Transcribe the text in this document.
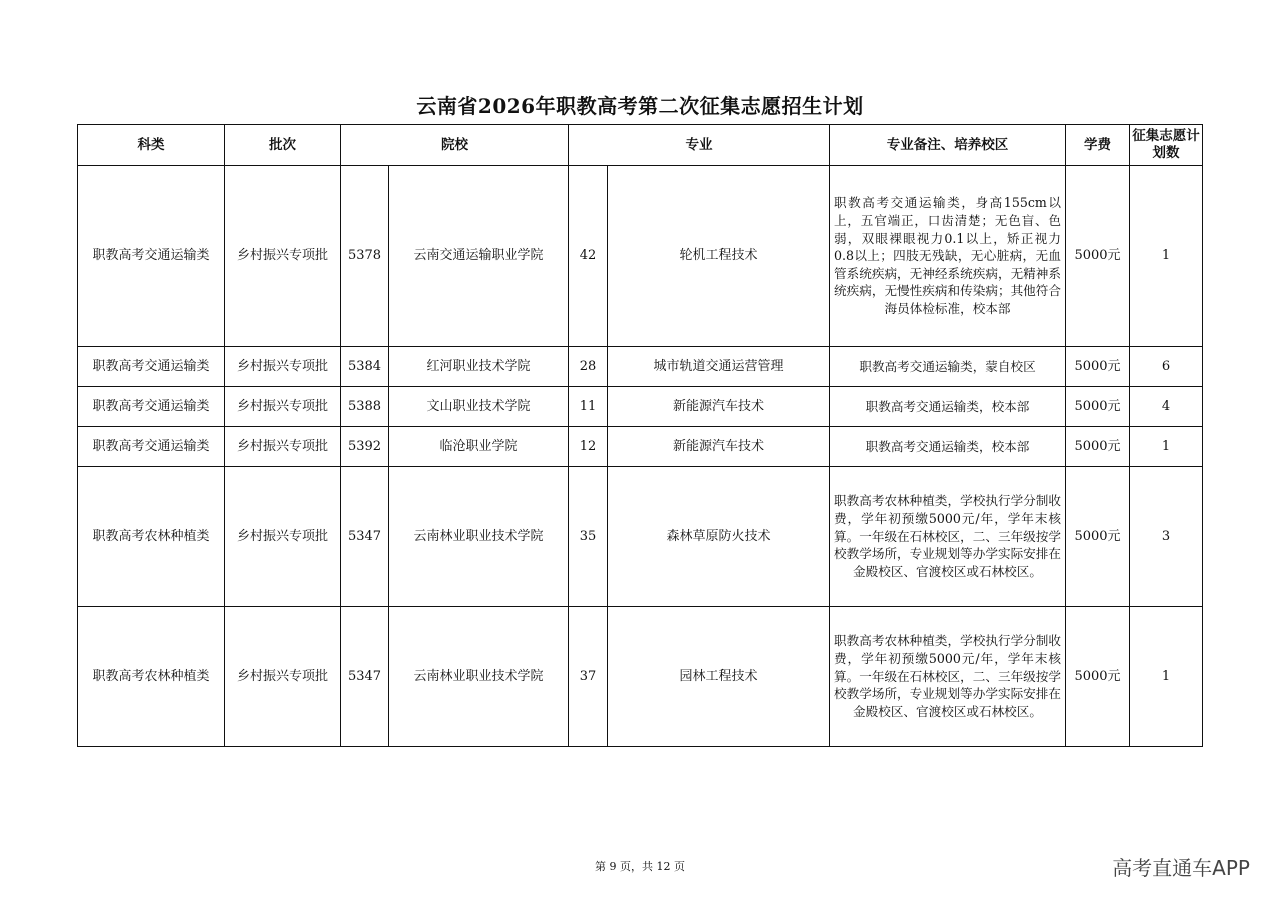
云南省2026年职教高考第二次征集志愿招生计划
科类	批次	院校		专业		专业备注、培养校区	学费	征集志愿计划数

职教高考交通运输类	乡村振兴专项批	5378	云南交通运输职业学院	42	轮机工程技术	职教高考交通运输类，身高155cm以上，五官端正，口齿清楚；无色盲、色弱，双眼裸眼视力0.1以上，矫正视力0.8以上；四肢无残缺，无心脏病，无血管系统疾病，无神经系统疾病，无精神系统疾病，无慢性疾病和传染病；其他符合海员体检标准，校本部	5000元	1
职教高考交通运输类	乡村振兴专项批	5384	红河职业技术学院	28	城市轨道交通运营管理	职教高考交通运输类，蒙自校区	5000元	6
职教高考交通运输类	乡村振兴专项批	5388	文山职业技术学院	11	新能源汽车技术	职教高考交通运输类，校本部	5000元	4
职教高考交通运输类	乡村振兴专项批	5392	临沧职业学院	12	新能源汽车技术	职教高考交通运输类，校本部	5000元	1
职教高考农林种植类	乡村振兴专项批	5347	云南林业职业技术学院	35	森林草原防火技术	职教高考农林种植类，学校执行学分制收费，学年初预缴5000元/年，学年末核算。一年级在石林校区，二、三年级按学校教学场所，专业规划等办学实际安排在金殿校区、官渡校区或石林校区。	5000元	3
职教高考农林种植类	乡村振兴专项批	5347	云南林业职业技术学院	37	园林工程技术	职教高考农林种植类，学校执行学分制收费，学年初预缴5000元/年，学年末核算。一年级在石林校区，二、三年级按学校教学场所，专业规划等办学实际安排在金殿校区、官渡校区或石林校区。	5000元	1
第 9 页，共 12 页	高考直通车APP
